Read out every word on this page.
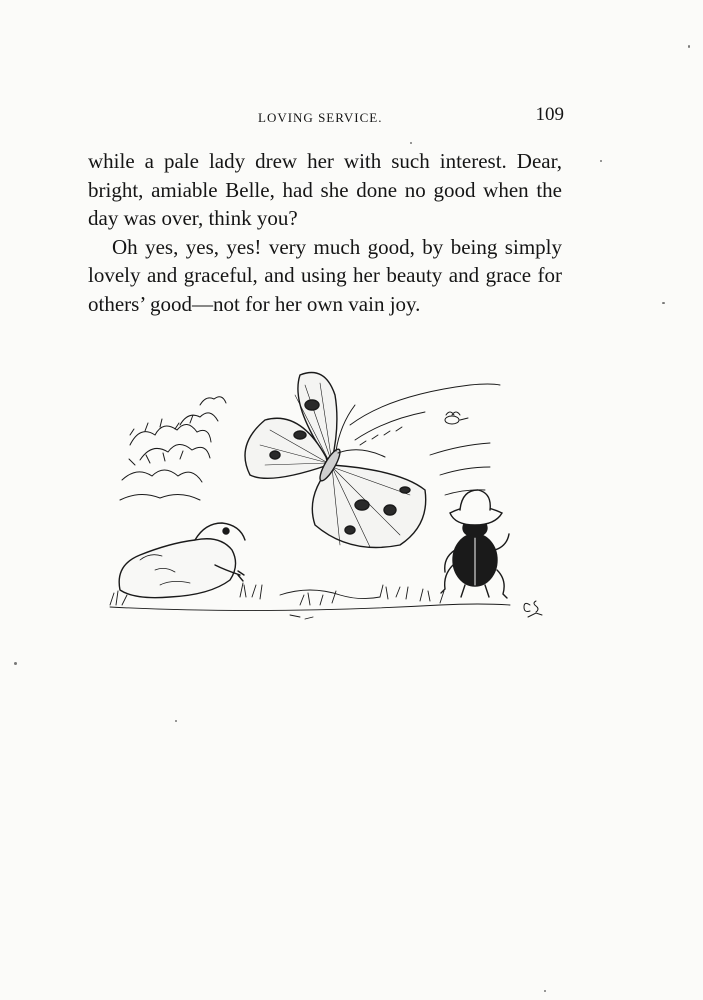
LOVING SERVICE.	109

while a pale lady drew her with such interest. Dear, bright, amiable Belle, had she done no good when the day was over, think you?

Oh yes, yes, yes! very much good, by being simply lovely and graceful, and using her beauty and grace for others’ good—not for her own vain joy.
